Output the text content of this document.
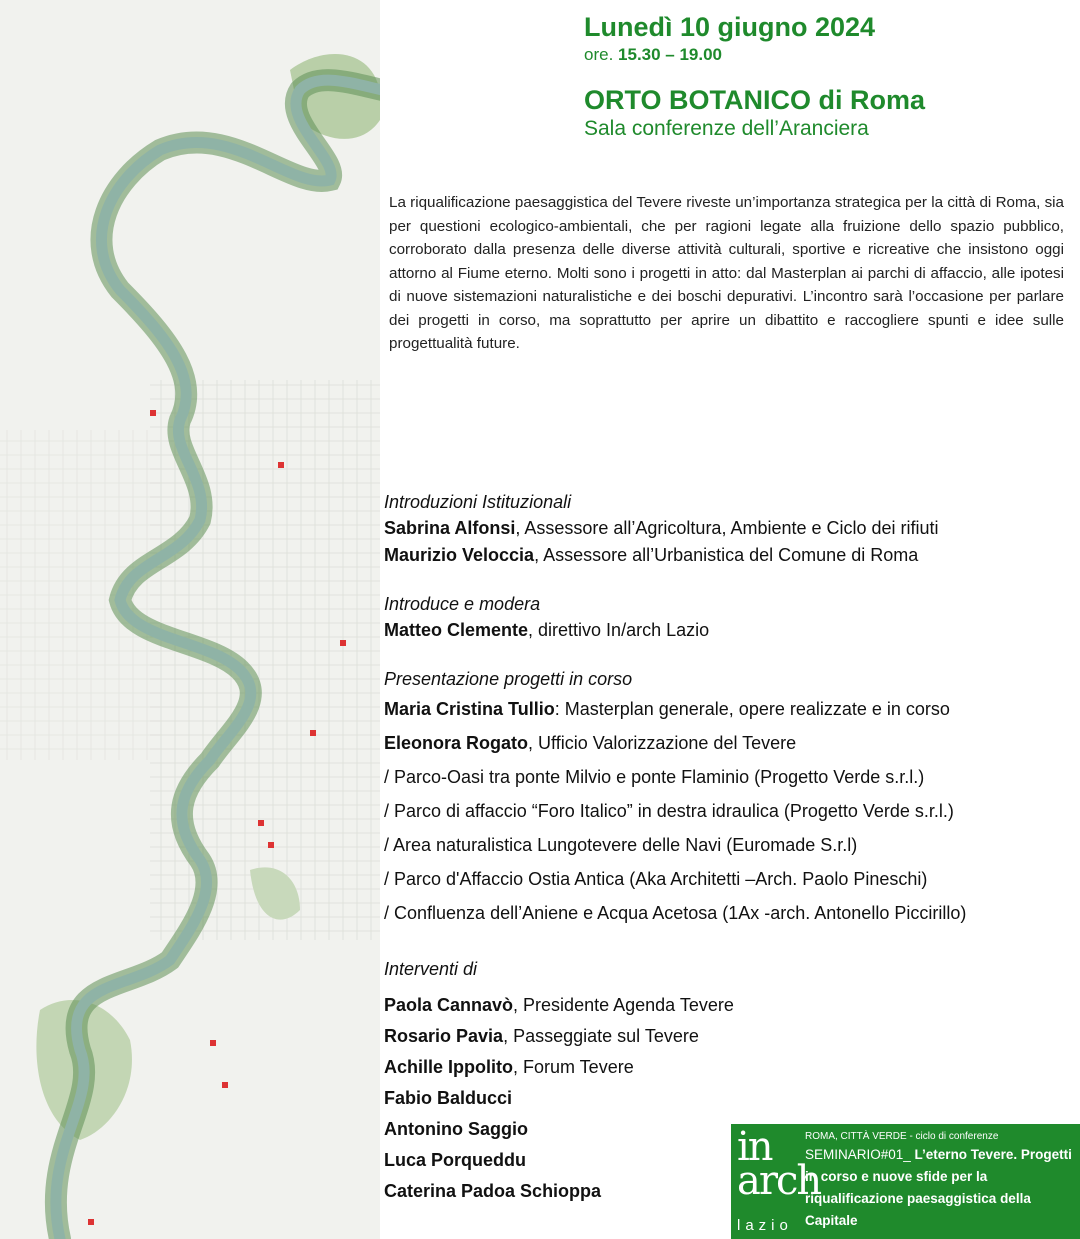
Lunedì 10 giugno 2024
ore. 15.30 – 19.00
ORTO BOTANICO di Roma
Sala conferenze dell’Aranciera
La riqualificazione paesaggistica del Tevere riveste un’importanza strategica per la città di Roma, sia per questioni ecologico-ambientali, che per ragioni legate alla fruizione dello spazio pubblico, corroborato dalla presenza delle diverse attività culturali, sportive e ricreative che insistono oggi attorno al Fiume eterno. Molti sono i progetti in atto: dal Masterplan ai parchi di affaccio, alle ipotesi di nuove sistemazioni naturalistiche e dei boschi depurativi. L’incontro sarà l’occasione per parlare dei progetti in corso, ma soprattutto per aprire un dibattito e raccogliere spunti e idee sulle progettualità future.
Introduzioni Istituzionali
Sabrina Alfonsi, Assessore all’Agricoltura, Ambiente e Ciclo dei rifiuti
Maurizio Veloccia, Assessore all’Urbanistica del Comune di Roma
Introduce e modera
Matteo Clemente, direttivo In/arch Lazio
Presentazione progetti in corso
Maria Cristina Tullio: Masterplan generale, opere realizzate e in corso
Eleonora Rogato, Ufficio Valorizzazione del Tevere
/ Parco-Oasi tra ponte Milvio e ponte Flaminio (Progetto Verde s.r.l.)
/ Parco di affaccio “Foro Italico” in destra idraulica (Progetto Verde s.r.l.)
/ Area naturalistica Lungotevere delle Navi (Euromade S.r.l)
/ Parco d'Affaccio Ostia Antica (Aka Architetti –Arch. Paolo Pineschi)
/ Confluenza dell’Aniene e Acqua Acetosa (1Ax -arch. Antonello Piccirillo)
Interventi di
Paola Cannavò, Presidente Agenda Tevere
Rosario Pavia, Passeggiate sul Tevere
Achille Ippolito, Forum Tevere
Fabio Balducci
Antonino Saggio
Luca Porqueddu
Caterina Padoa Schioppa
in
arch
lazio
ROMA, CITTÀ VERDE - ciclo di conferenze
SEMINARIO#01_ L’eterno Tevere. Progetti in corso e nuove sfide per la riqualificazione paesaggistica della Capitale
